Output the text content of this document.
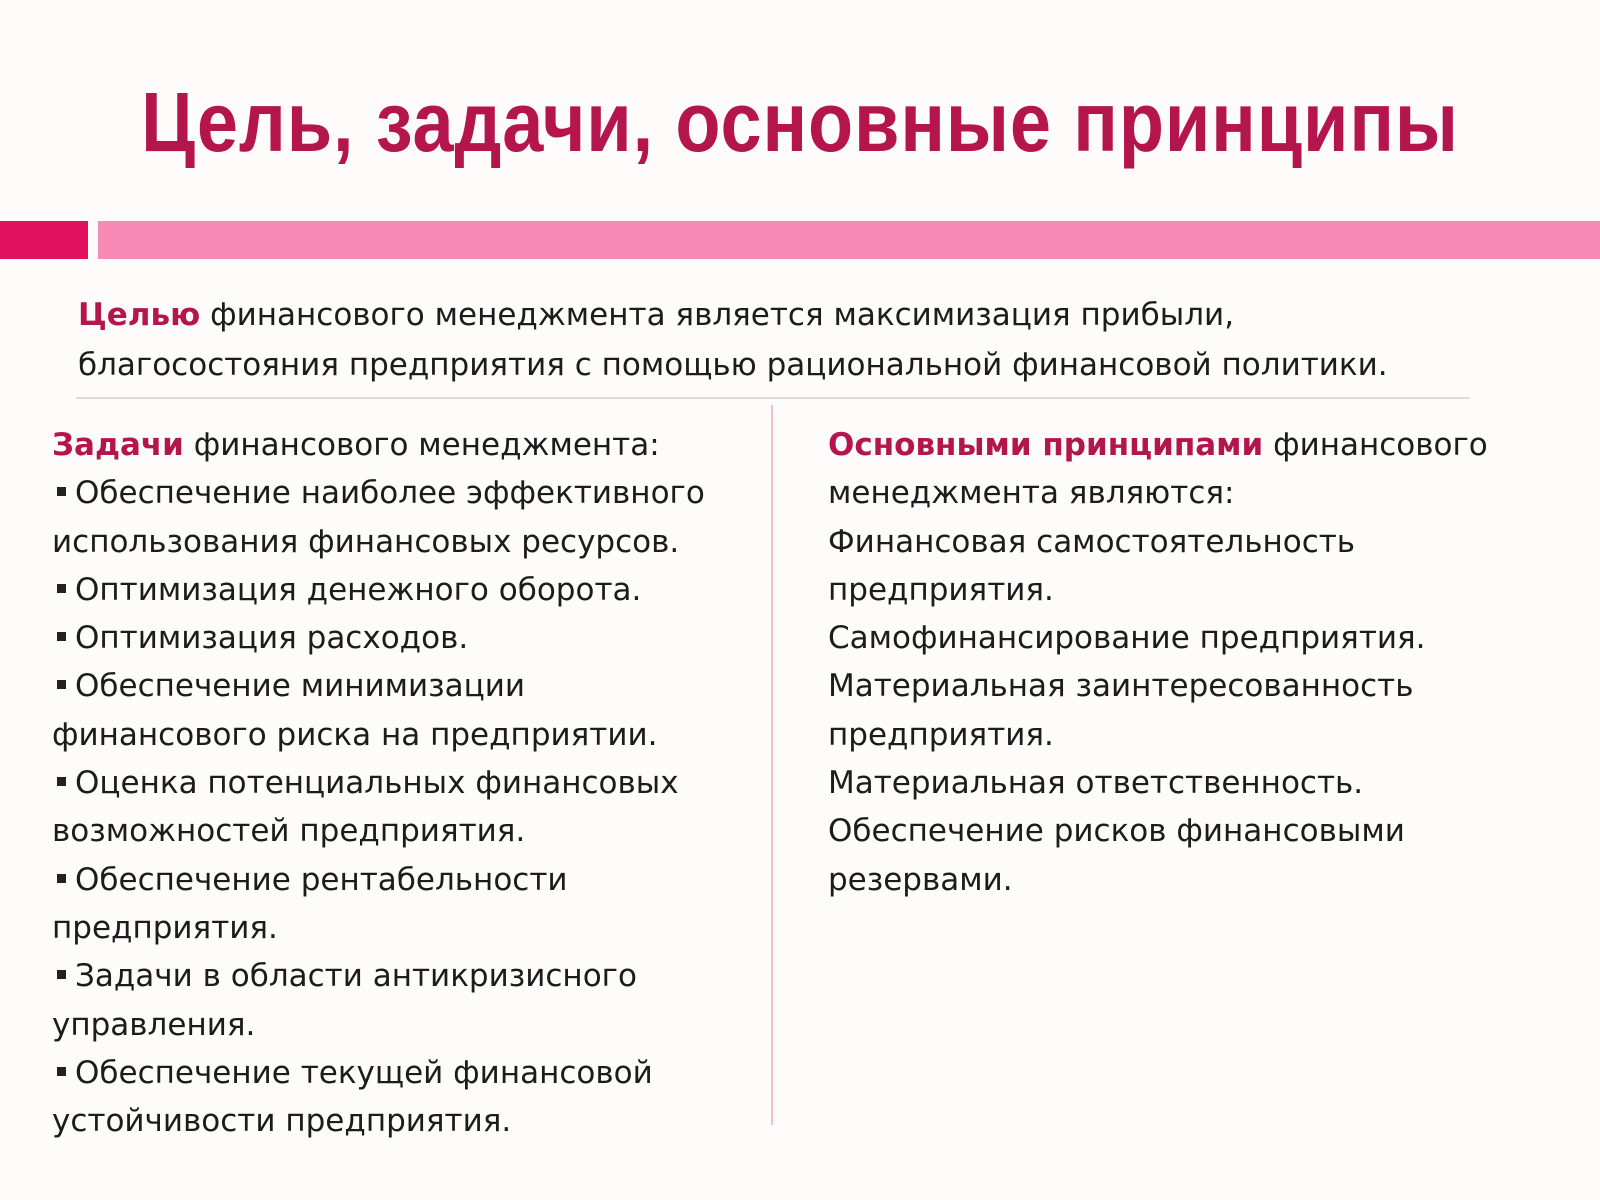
Цель, задачи, основные принципы
Целью финансового менеджмента является максимизация прибыли,
благосостояния предприятия с помощью рациональной финансовой политики.
Задачи финансового менеджмента:
Обеспечение наиболее эффективного
использования финансовых ресурсов.
Оптимизация денежного оборота.
Оптимизация расходов.
Обеспечение минимизации
финансового риска на предприятии.
Оценка потенциальных финансовых
возможностей предприятия.
Обеспечение рентабельности
предприятия.
Задачи в области антикризисного
управления.
Обеспечение текущей финансовой
устойчивости предприятия.
Основными принципами финансового
менеджмента являются:
Финансовая самостоятельность
предприятия.
Самофинансирование предприятия.
Материальная заинтересованность
предприятия.
Материальная ответственность.
Обеспечение рисков финансовыми
резервами.
